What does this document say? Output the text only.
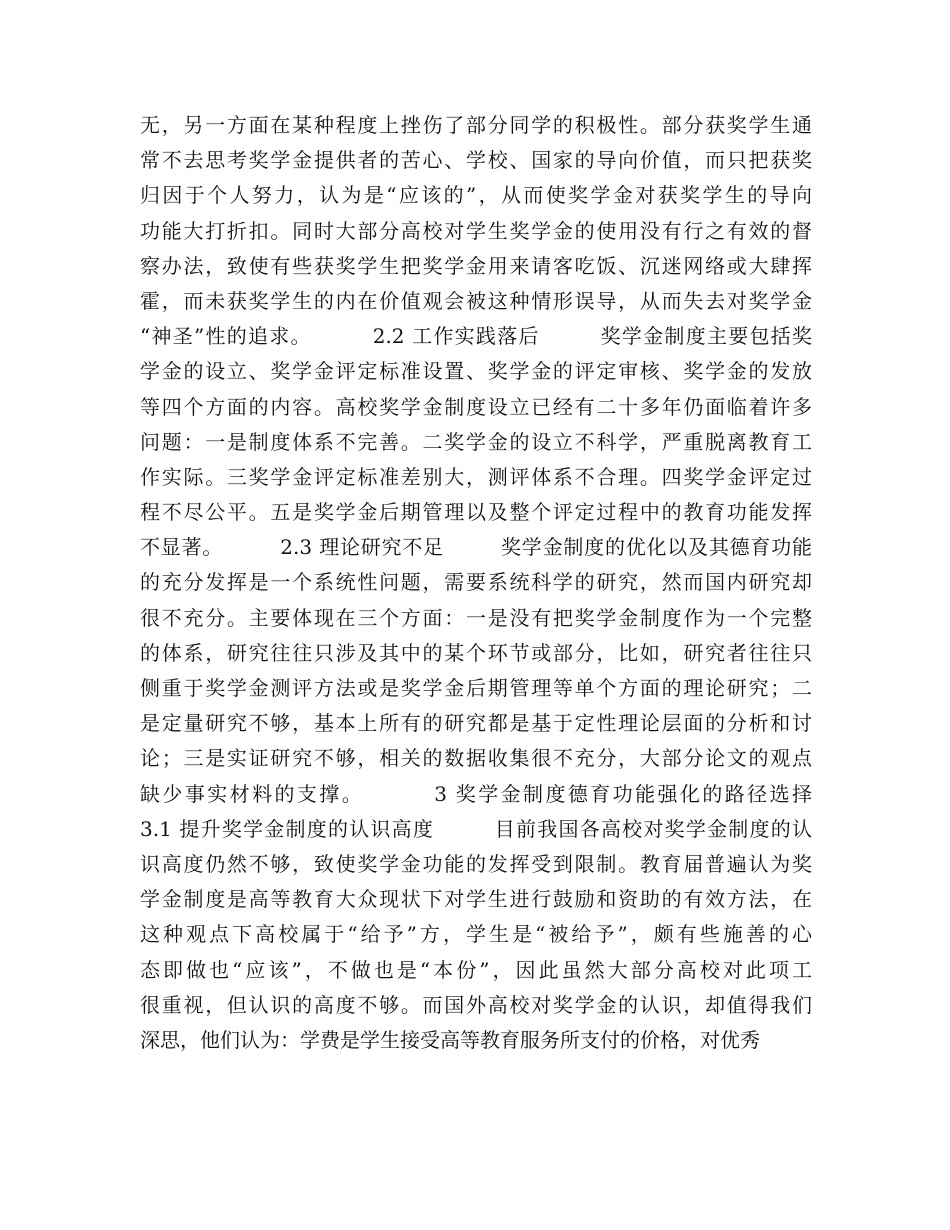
无，另一方面在某种程度上挫伤了部分同学的积极性。部分获奖学生通
常不去思考奖学金提供者的苦心、学校、国家的导向价值，而只把获奖
归因于个人努力，认为是“应该的”，从而使奖学金对获奖学生的导向
功能大打折扣。同时大部分高校对学生奖学金的使用没有行之有效的督
察办法，致使有些获奖学生把奖学金用来请客吃饭、沉迷网络或大肆挥
霍，而未获奖学生的内在价值观会被这种情形误导，从而失去对奖学金
“神圣”性的追求。        2.2 工作实践落后        奖学金制度主要包括奖
学金的设立、奖学金评定标准设置、奖学金的评定审核、奖学金的发放
等四个方面的内容。高校奖学金制度设立已经有二十多年仍面临着许多
问题：一是制度体系不完善。二奖学金的设立不科学，严重脱离教育工
作实际。三奖学金评定标准差别大，测评体系不合理。四奖学金评定过
程不尽公平。五是奖学金后期管理以及整个评定过程中的教育功能发挥
不显著。        2.3 理论研究不足        奖学金制度的优化以及其德育功能
的充分发挥是一个系统性问题，需要系统科学的研究，然而国内研究却
很不充分。主要体现在三个方面：一是没有把奖学金制度作为一个完整
的体系，研究往往只涉及其中的某个环节或部分，比如，研究者往往只
侧重于奖学金测评方法或是奖学金后期管理等单个方面的理论研究；二
是定量研究不够，基本上所有的研究都是基于定性理论层面的分析和讨
论；三是实证研究不够，相关的数据收集很不充分，大部分论文的观点
缺少事实材料的支撑。        3 奖学金制度德育功能强化的路径选择
3.1 提升奖学金制度的认识高度        目前我国各高校对奖学金制度的认
识高度仍然不够，致使奖学金功能的发挥受到限制。教育届普遍认为奖
学金制度是高等教育大众现状下对学生进行鼓励和资助的有效方法，在
这种观点下高校属于“给予”方，学生是“被给予”，颇有些施善的心
态即做也“应该”，不做也是“本份”，因此虽然大部分高校对此项工
很重视，但认识的高度不够。而国外高校对奖学金的认识，却值得我们
深思，他们认为：学费是学生接受高等教育服务所支付的价格，对优秀
